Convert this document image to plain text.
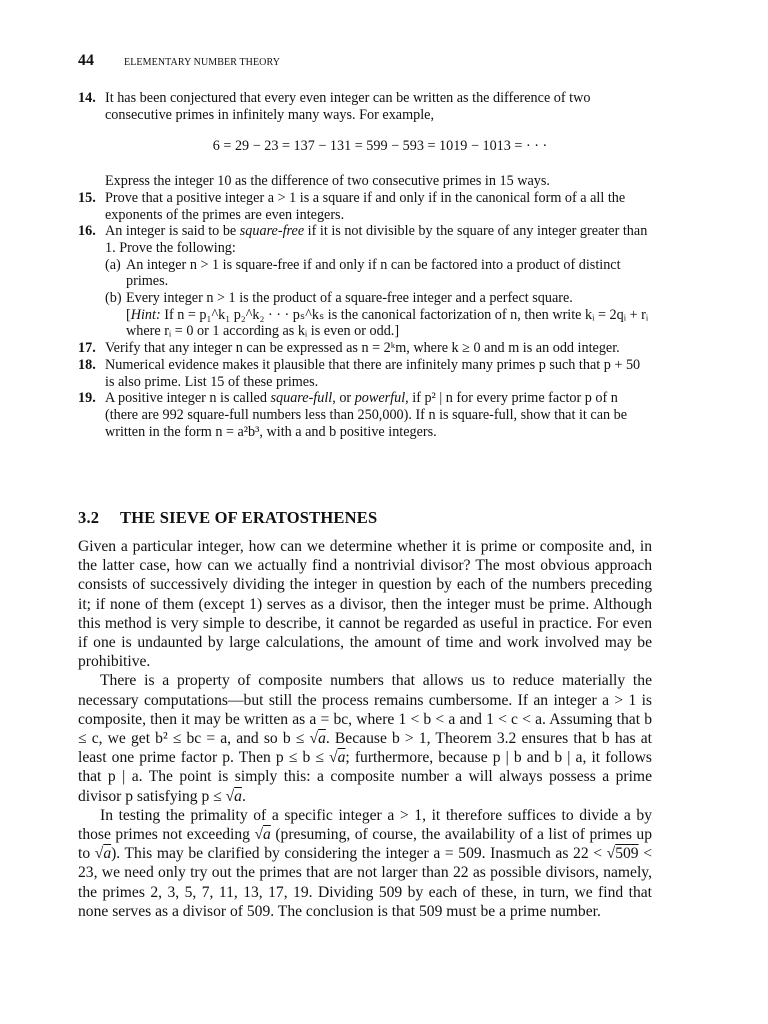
44	ELEMENTARY NUMBER THEORY
14. It has been conjectured that every even integer can be written as the difference of two consecutive primes in infinitely many ways. For example,
6 = 29 − 23 = 137 − 131 = 599 − 593 = 1019 − 1013 = · · ·
Express the integer 10 as the difference of two consecutive primes in 15 ways.
15. Prove that a positive integer a > 1 is a square if and only if in the canonical form of a all the exponents of the primes are even integers.
16. An integer is said to be square-free if it is not divisible by the square of any integer greater than 1. Prove the following:
(a) An integer n > 1 is square-free if and only if n can be factored into a product of distinct primes.
(b) Every integer n > 1 is the product of a square-free integer and a perfect square.
[Hint: If n = p₁^k₁ p₂^k₂ · · · pₛ^kₛ is the canonical factorization of n, then write kᵢ = 2qᵢ + rᵢ where rᵢ = 0 or 1 according as kᵢ is even or odd.]
17. Verify that any integer n can be expressed as n = 2ᵏm, where k ≥ 0 and m is an odd integer.
18. Numerical evidence makes it plausible that there are infinitely many primes p such that p + 50 is also prime. List 15 of these primes.
19. A positive integer n is called square-full, or powerful, if p² | n for every prime factor p of n (there are 992 square-full numbers less than 250,000). If n is square-full, show that it can be written in the form n = a²b³, with a and b positive integers.
3.2 THE SIEVE OF ERATOSTHENES

Given a particular integer, how can we determine whether it is prime or composite and, in the latter case, how can we actually find a nontrivial divisor? The most obvious approach consists of successively dividing the integer in question by each of the numbers preceding it; if none of them (except 1) serves as a divisor, then the integer must be prime. Although this method is very simple to describe, it cannot be regarded as useful in practice. For even if one is undaunted by large calculations, the amount of time and work involved may be prohibitive.

There is a property of composite numbers that allows us to reduce materially the necessary computations—but still the process remains cumbersome. If an integer a > 1 is composite, then it may be written as a = bc, where 1 < b < a and 1 < c < a. Assuming that b ≤ c, we get b² ≤ bc = a, and so b ≤ √a. Because b > 1, Theorem 3.2 ensures that b has at least one prime factor p. Then p ≤ b ≤ √a; furthermore, because p | b and b | a, it follows that p | a. The point is simply this: a composite number a will always possess a prime divisor p satisfying p ≤ √a.

In testing the primality of a specific integer a > 1, it therefore suffices to divide a by those primes not exceeding √a (presuming, of course, the availability of a list of primes up to √a). This may be clarified by considering the integer a = 509. Inasmuch as 22 < √509 < 23, we need only try out the primes that are not larger than 22 as possible divisors, namely, the primes 2, 3, 5, 7, 11, 13, 17, 19. Dividing 509 by each of these, in turn, we find that none serves as a divisor of 509. The conclusion is that 509 must be a prime number.
